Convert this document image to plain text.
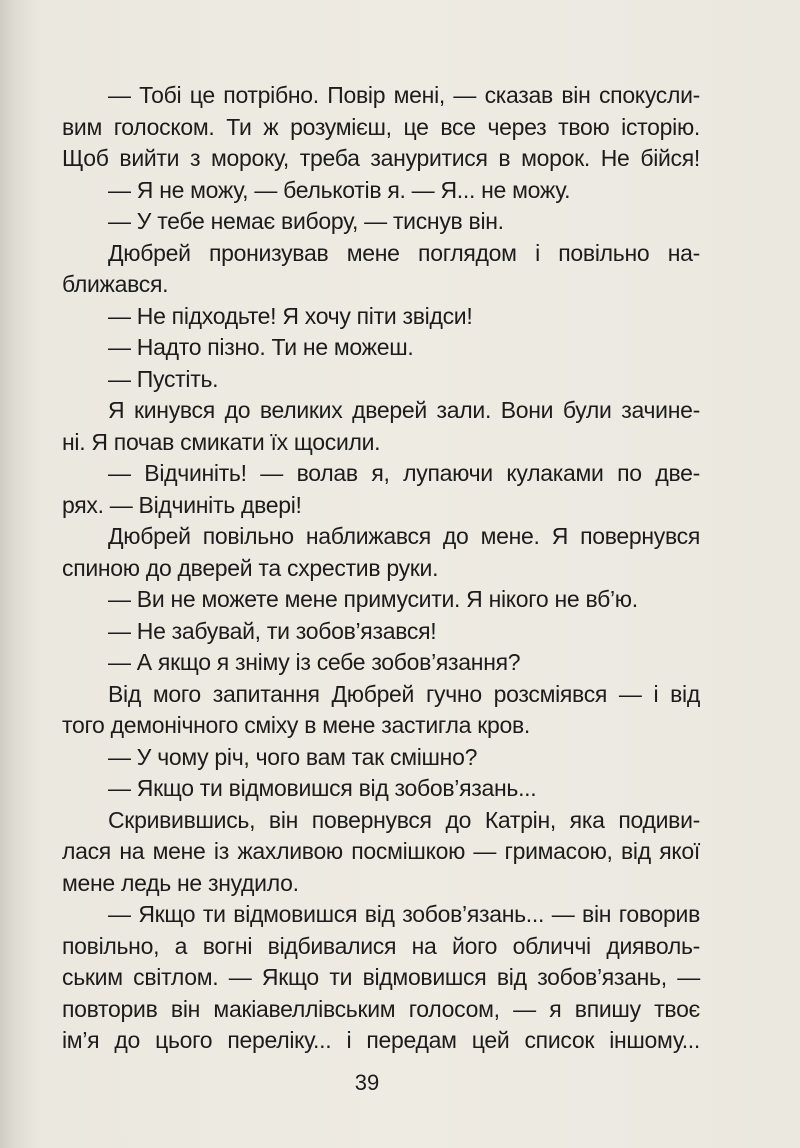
— Тобі це потрібно. Повір мені, — сказав він спокусли-
вим голоском. Ти ж розумієш, це все через твою історію.
Щоб вийти з мороку, треба зануритися в морок. Не бійся!
— Я не можу, — белькотів я. — Я... не можу.
— У тебе немає вибору, — тиснув він.
Дюбрей пронизував мене поглядом і повільно на-
ближався.
— Не підходьте! Я хочу піти звідси!
— Надто пізно. Ти не можеш.
— Пустіть.
Я кинувся до великих дверей зали. Вони були зачине-
ні. Я почав смикати їх щосили.
— Відчиніть! — волав я, лупаючи кулаками по две-
рях. — Відчиніть двері!
Дюбрей повільно наближався до мене. Я повернувся
спиною до дверей та схрестив руки.
— Ви не можете мене примусити. Я нікого не вб’ю.
— Не забувай, ти зобов’язався!
— А якщо я зніму із себе зобов’язання?
Від мого запитання Дюбрей гучно розсміявся — і від
того демонічного сміху в мене застигла кров.
— У чому річ, чого вам так смішно?
— Якщо ти відмовишся від зобов’язань...
Скривившись, він повернувся до Катрін, яка подиви-
лася на мене із жахливою посмішкою — гримасою, від якої
мене ледь не знудило.
— Якщо ти відмовишся від зобов’язань... — він говорив
повільно, а вогні відбивалися на його обличчі дияволь-
ським світлом. — Якщо ти відмовишся від зобов’язань, —
повторив він макіавеллівським голосом, — я впишу твоє
ім’я до цього переліку... і передам цей список іншому...
39
